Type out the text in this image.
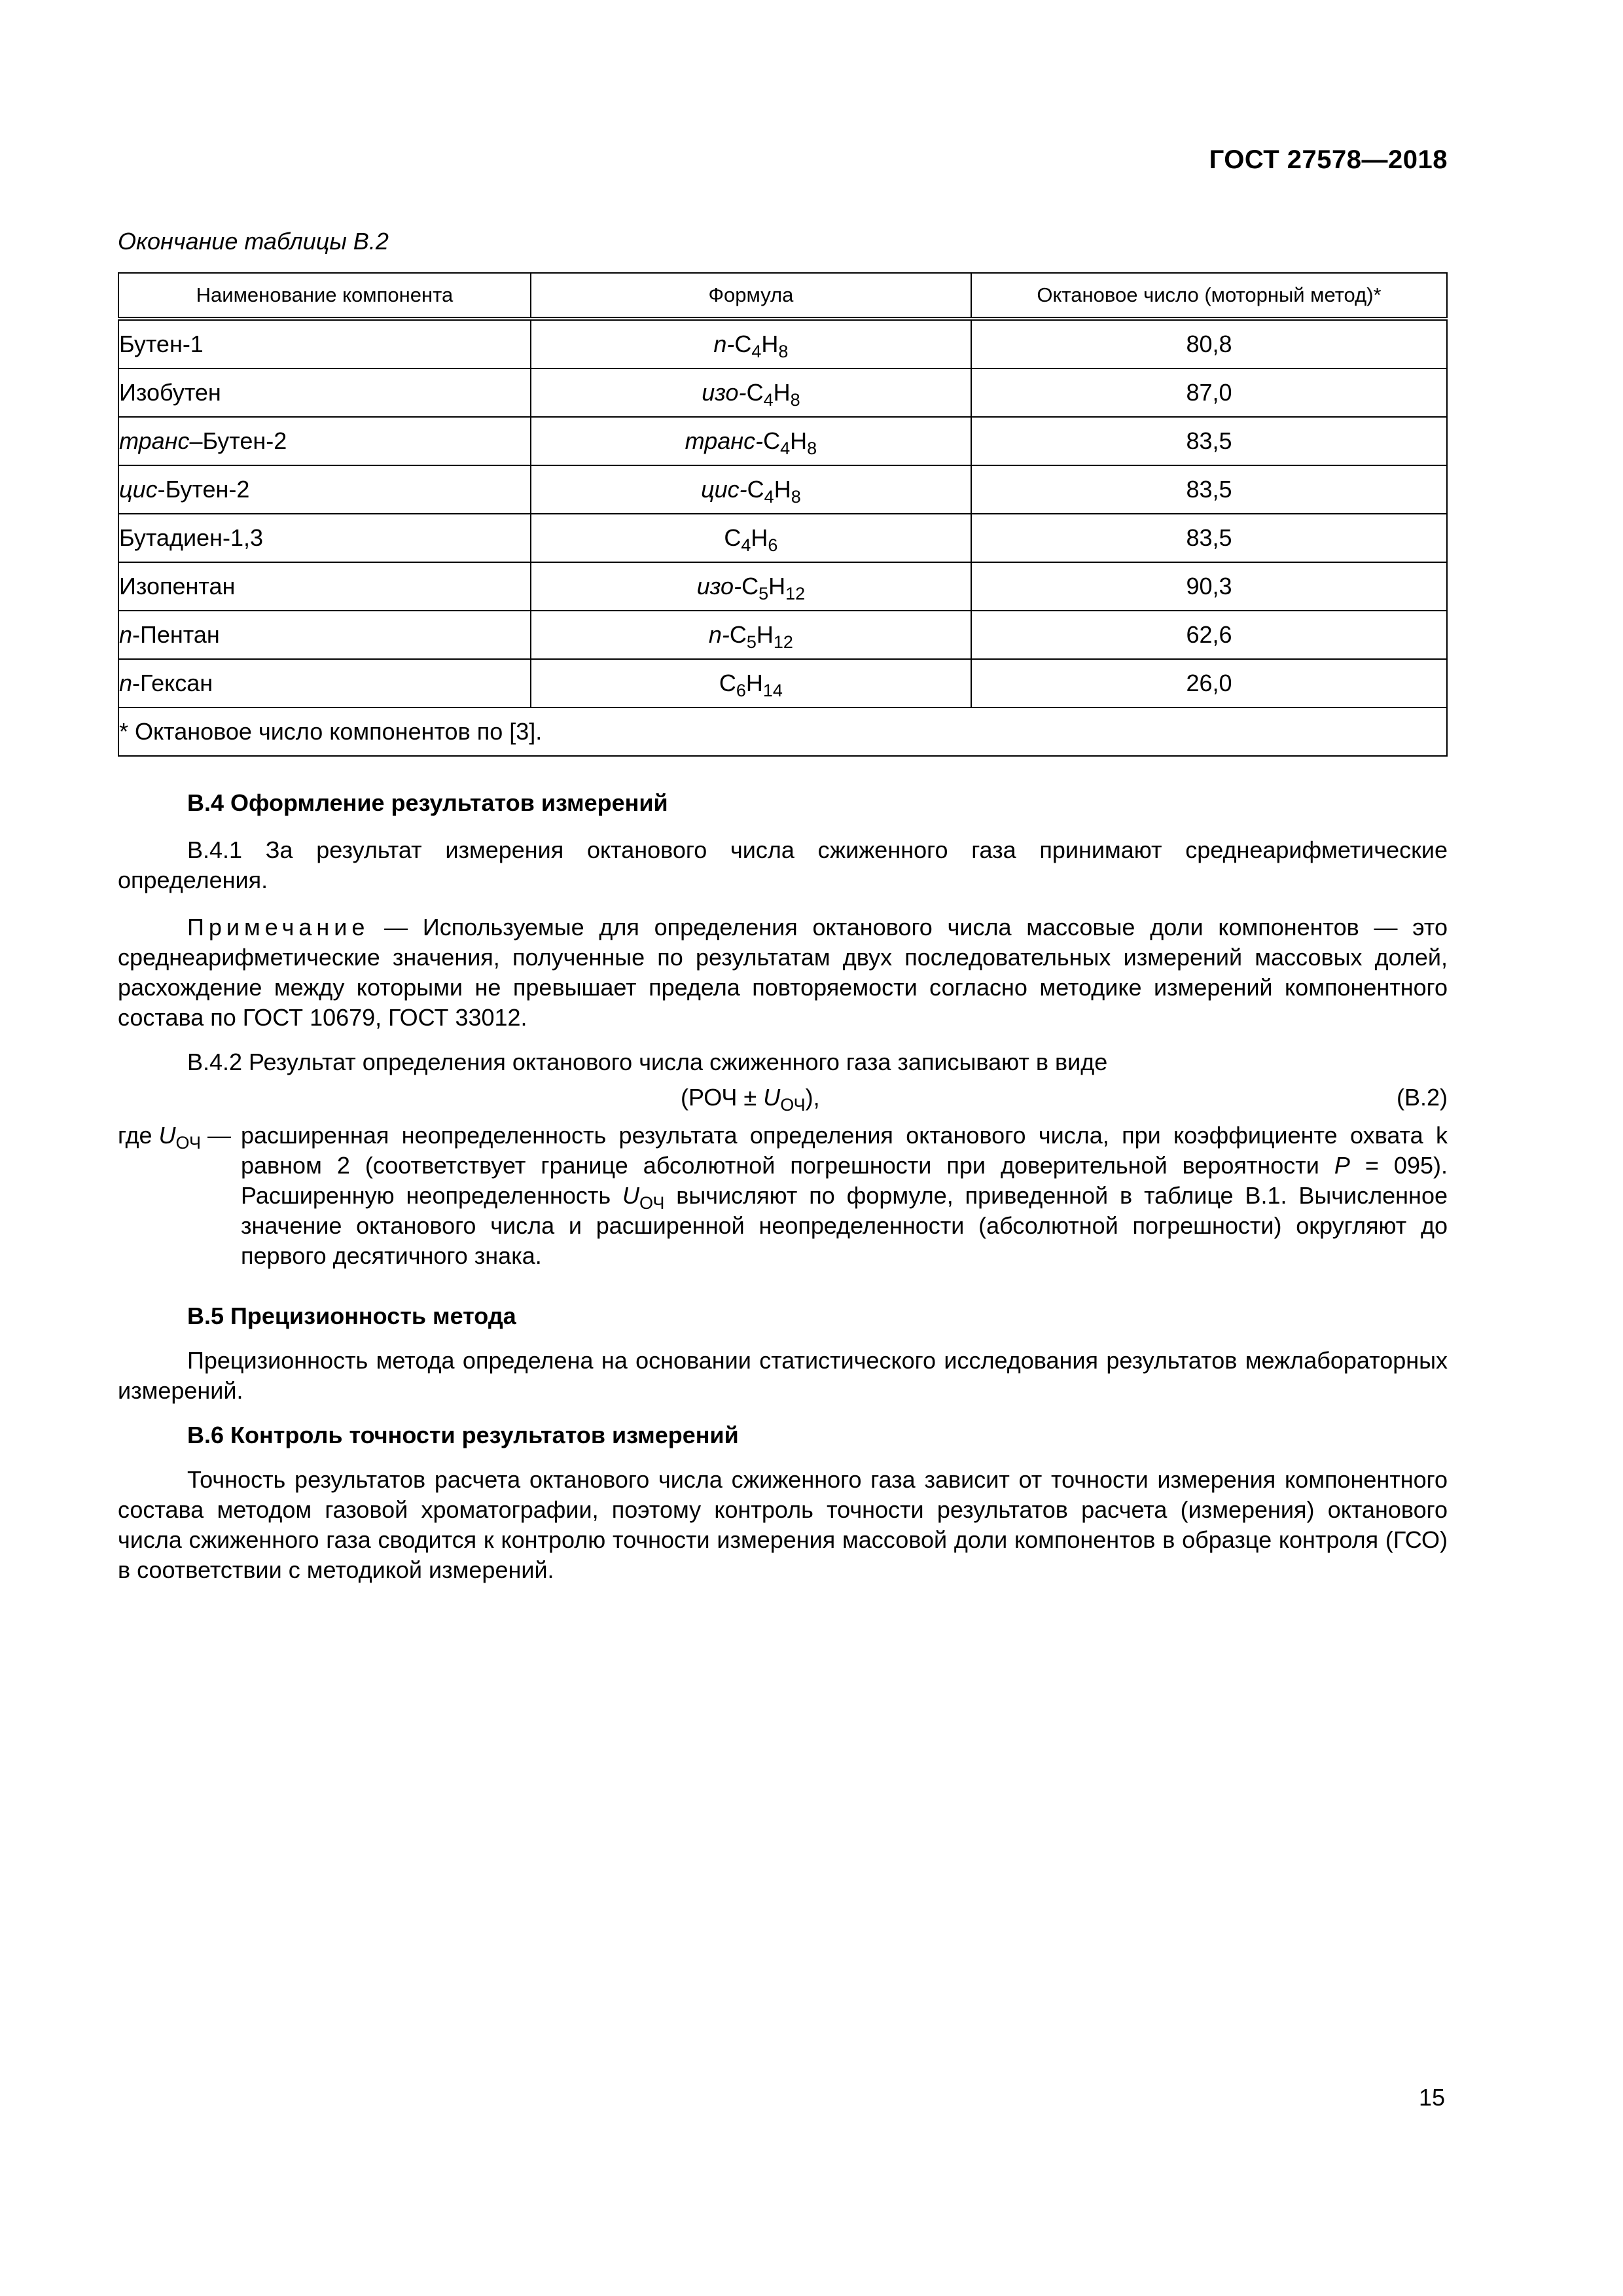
ГОСТ 27578—2018
Окончание таблицы В.2
Наименование компонента	Формула	Октановое число (моторный метод)*
Бутен-1	$n-C_4H_8$	80,8
Изобутен	изо-$C_4H_8$	87,0
транс–Бутен-2	транс-$C_4H_8$	83,5
цис-Бутен-2	цис-$C_4H_8$	83,5
Бутадиен-1,3	$C_4H_6$	83,5
Изопентан	изо-$C_5H_{12}$	90,3
n-Пентан	$n-C_5H_{12}$	62,6
n-Гексан	$C_6H_{14}$	26,0
* Октановое число компонентов по [3].		
В.4 Оформление результатов измерений
В.4.1 За результат измерения октанового числа сжиженного газа принимают среднеарифметические определения.
Примечание — Используемые для определения октанового числа массовые доли компонентов — это среднеарифметические значения, полученные по результатам двух последовательных измерений массовых долей, расхождение между которыми не превышает предела повторяемости согласно методике измерений компонентного состава по ГОСТ 10679, ГОСТ 33012.
В.4.2 Результат определения октанового числа сжиженного газа записывают в виде
$(РОЧ \pm U_{ОЧ})$,	(В.2)
где $U_{ОЧ}$ — расширенная неопределенность результата определения октанового числа, при коэффициенте охвата k равном 2 (соответствует границе абсолютной погрешности при доверительной вероятности P = 095). Расширенную неопределенность $U_{ОЧ}$ вычисляют по формуле, приведенной в таблице В.1. Вычисленное значение октанового числа и расширенной неопределенности (абсолютной погрешности) округляют до первого десятичного знака.
В.5 Прецизионность метода
Прецизионность метода определена на основании статистического исследования результатов межлабораторных измерений.
В.6 Контроль точности результатов измерений
Точность результатов расчета октанового числа сжиженного газа зависит от точности измерения компонентного состава методом газовой хроматографии, поэтому контроль точности результатов расчета (измерения) октанового числа сжиженного газа сводится к контролю точности измерения массовой доли компонентов в образце контроля (ГСО) в соответствии с методикой измерений.
15
